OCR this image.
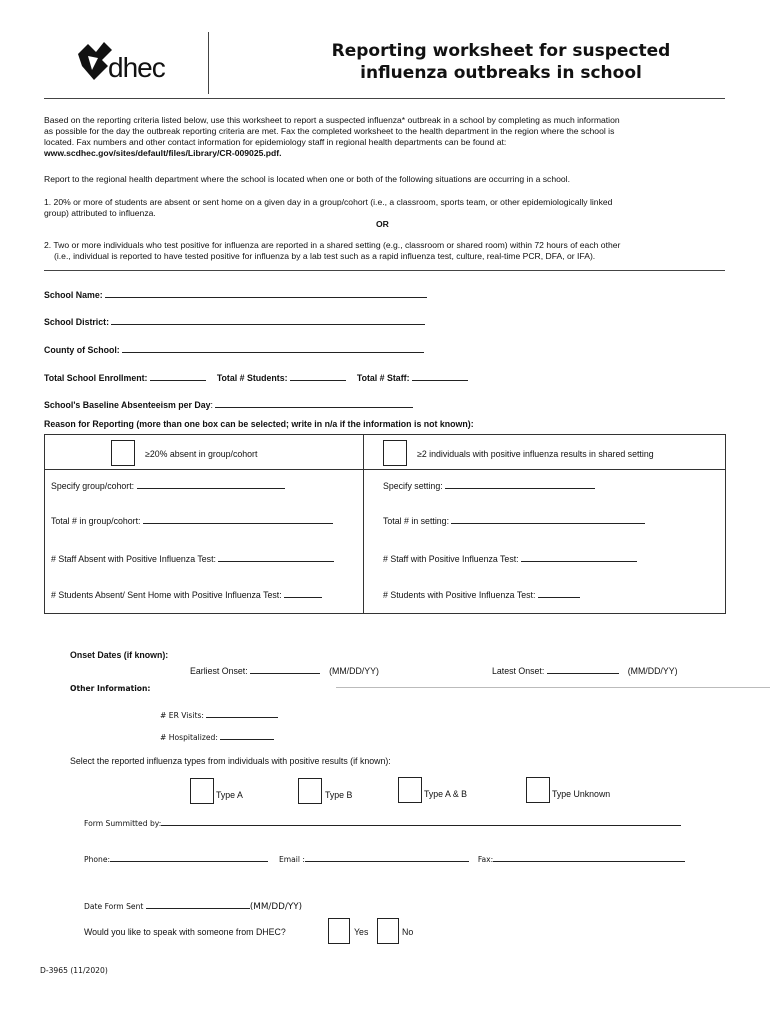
dhec
Reporting worksheet for suspected
influenza outbreaks in school
Based on the reporting criteria listed below, use this worksheet to report a suspected influenza* outbreak in a school by completing as much information
as possible for the day the outbreak reporting criteria are met. Fax the completed worksheet to the health department in the region where the school is
located. Fax numbers and other contact information for epidemiology staff in regional health departments can be found at:
www.scdhec.gov/sites/default/files/Library/CR-009025.pdf.
Report to the regional health department where the school is located when one or both of the following situations are occurring in a school.
1. 20% or more of students are absent or sent home on a given day in a group/cohort (i.e., a classroom, sports team, or other epidemiologically linked
group) attributed to influenza.
OR
2. Two or more individuals who test positive for influenza are reported in a shared setting (e.g., classroom or shared room) within 72 hours of each other
(i.e., individual is reported to have tested positive for influenza by a lab test such as a rapid influenza test, culture, real-time PCR, DFA, or IFA).
School Name:
School District:
County of School:
Total School Enrollment:	Total # Students:	Total # Staff:
School's Baseline Absenteeism per Day:
Reason for Reporting (more than one box can be selected; write in n/a if the information is not known):
≥20% absent in group/cohort	≥2 individuals with positive influenza results in shared setting
Specify group/cohort:
Total # in group/cohort:
# Staff Absent with Positive Influenza Test:
# Students Absent/ Sent Home with Positive Influenza Test:
Specify setting:
Total # in setting:
# Staff with Positive Influenza Test:
# Students with Positive Influenza Test:
Onset Dates (if known):
Earliest Onset:	(MM/DD/YY)	Latest Onset:	(MM/DD/YY)
Other Information:
# ER Visits:
# Hospitalized:
Select the reported influenza types from individuals with positive results (if known):
Type A	Type B	Type A & B	Type Unknown
Form Summitted by:
Phone:	Email :	Fax:
Date Form Sent	(MM/DD/YY)
Would you like to speak with someone from DHEC?	Yes	No
D-3965 (11/2020)
